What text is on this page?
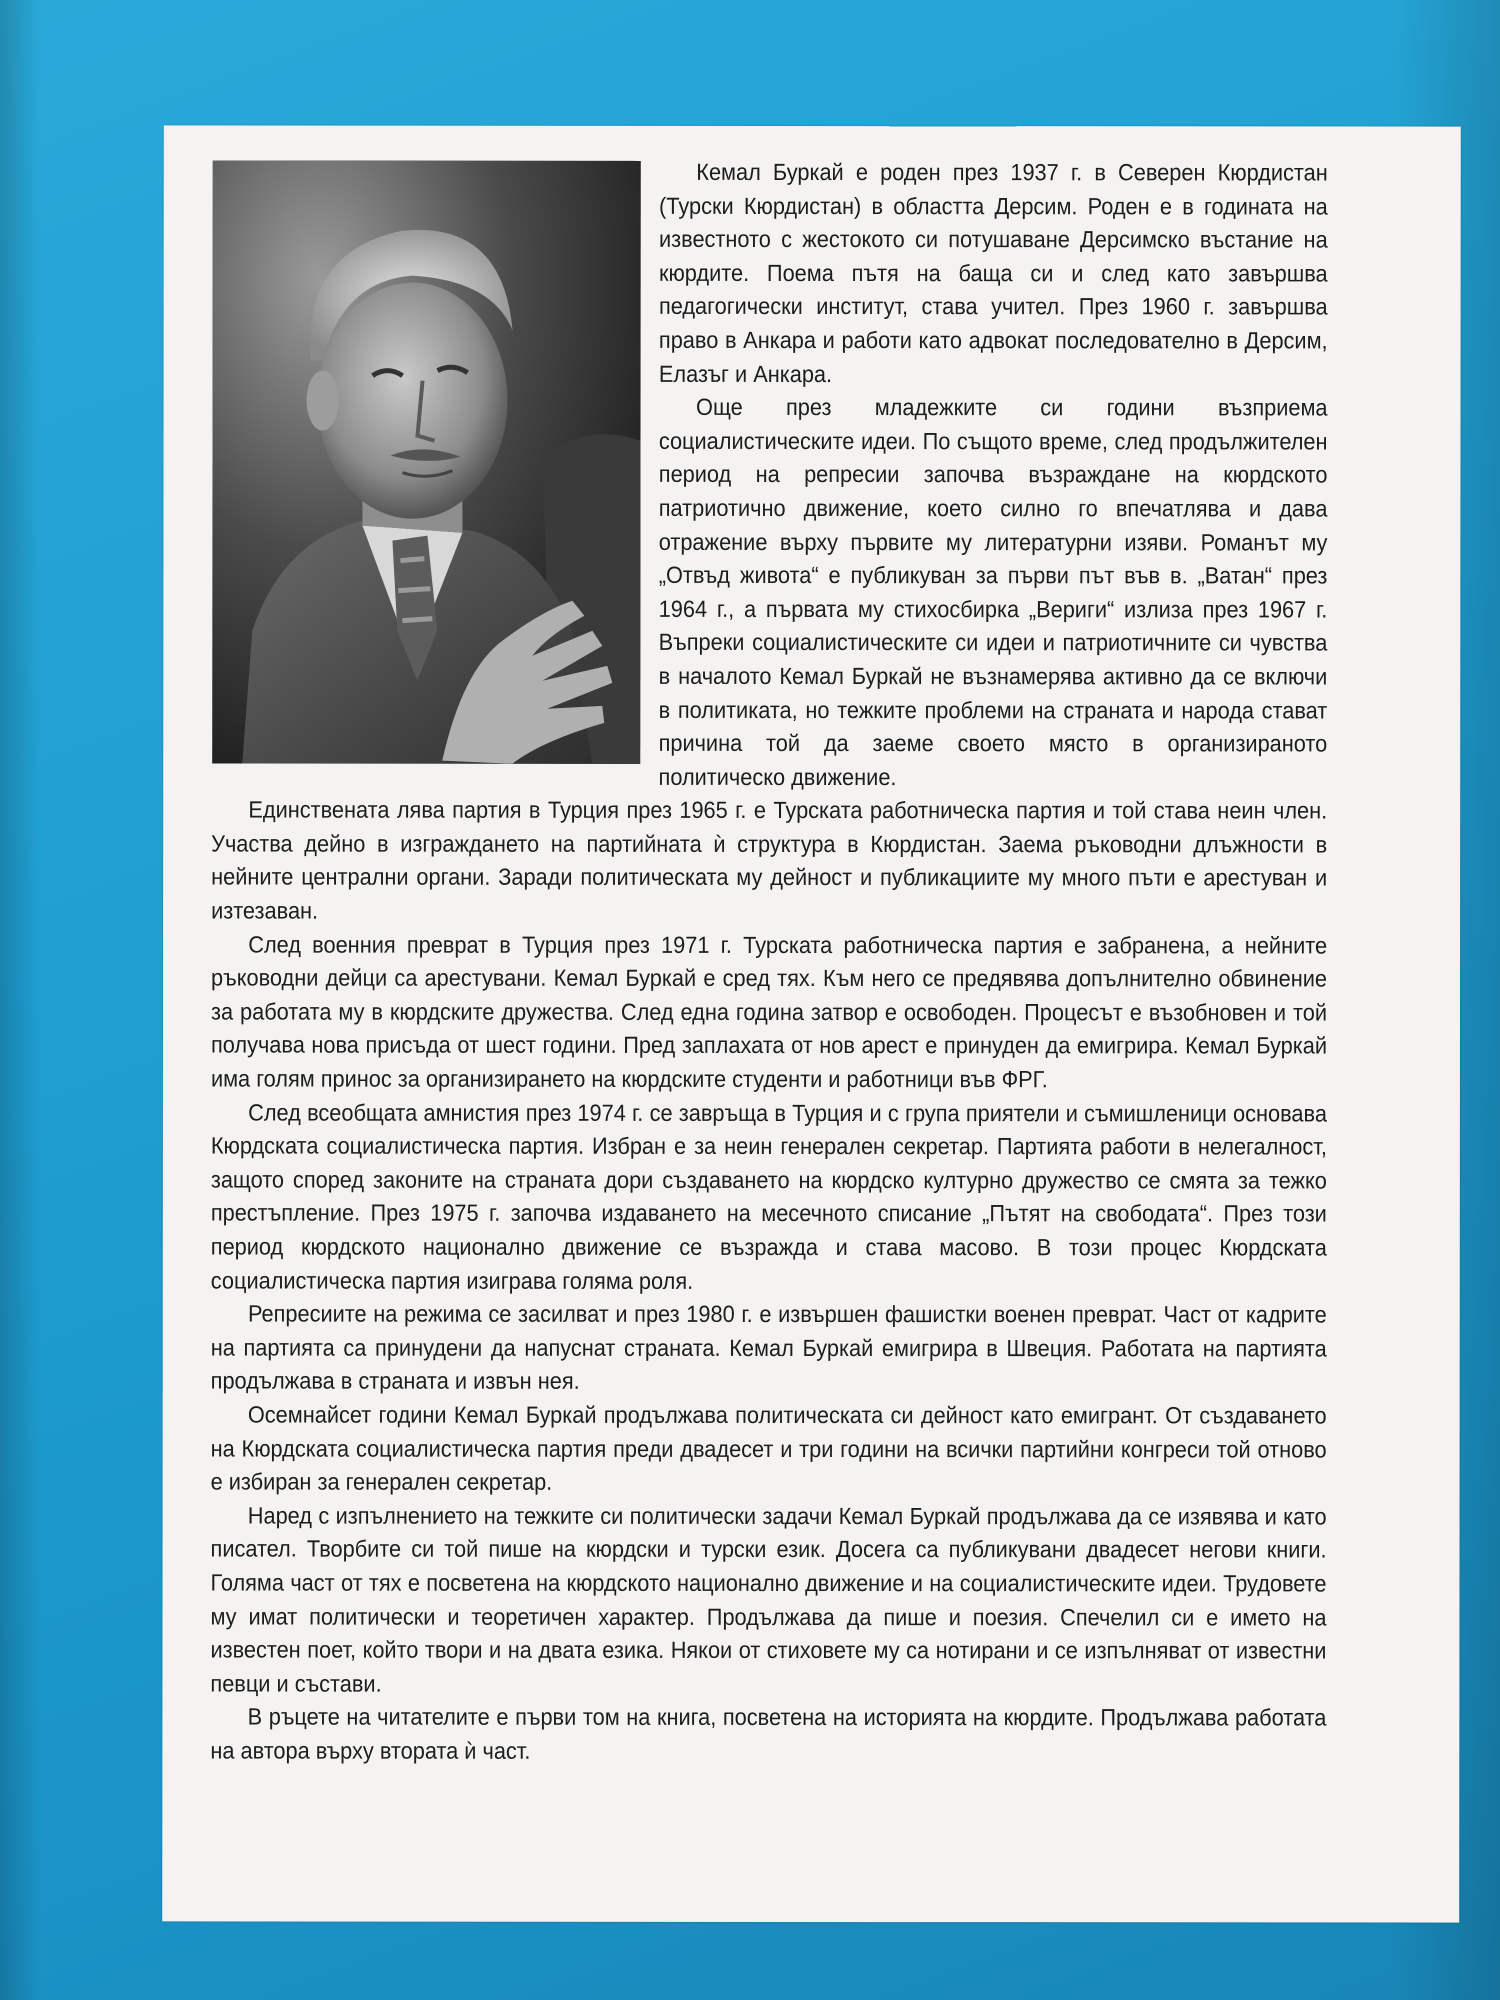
Кемал Буркай е роден през 1937 г. в Северен Кюрдистан (Турски Кюрдистан) в областта Дерсим. Роден е в годината на известното с жестокото си потушаване Дерсимско въстание на кюрдите. Поема пътя на баща си и след като завършва педагогически институт, става учител. През 1960 г. завършва право в Анкара и работи като адвокат последователно в Дерсим, Елазъг и Анкара.

Още през младежките си години възприема социалистическите идеи. По същото време, след продължителен период на репресии започва възраждане на кюрдското патриотично движение, което силно го впечатлява и дава отражение върху първите му литературни изяви. Романът му „Отвъд живота“ е публикуван за първи път във в. „Ватан“ през 1964 г., а първата му стихосбирка „Вериги“ излиза през 1967 г. Въпреки социалистическите си идеи и патриотичните си чувства в началото Кемал Буркай не възнамерява активно да се включи в политиката, но тежките проблеми на страната и народа стават причина той да заеме своето място в организираното политическо движение.

Единствената лява партия в Турция през 1965 г. е Турската работническа партия и той става неин член. Участва дейно в изграждането на партийната ѝ структура в Кюрдистан. Заема ръководни длъжности в нейните централни органи. Заради политическата му дейност и публикациите му много пъти е арестуван и изтезаван.

След военния преврат в Турция през 1971 г. Турската работническа партия е забранена, а нейните ръководни дейци са арестувани. Кемал Буркай е сред тях. Към него се предявява допълнително обвинение за работата му в кюрдските дружества. След една година затвор е освободен. Процесът е възобновен и той получава нова присъда от шест години. Пред заплахата от нов арест е принуден да емигрира. Кемал Буркай има голям принос за организирането на кюрдските студенти и работници във ФРГ.

След всеобщата амнистия през 1974 г. се завръща в Турция и с група приятели и съмишленици основава Кюрдската социалистическа партия. Избран е за неин генерален секретар. Партията работи в нелегалност, защото според законите на страната дори създаването на кюрдско културно дружество се смята за тежко престъпление. През 1975 г. започва издаването на месечното списание „Пътят на свободата“. През този период кюрдското национално движение се възражда и става масово. В този процес Кюрдската социалистическа партия изиграва голяма роля.

Репресиите на режима се засилват и през 1980 г. е извършен фашистки военен преврат. Част от кадрите на партията са принудени да напуснат страната. Кемал Буркай емигрира в Швеция. Работата на партията продължава в страната и извън нея.

Осемнайсет години Кемал Буркай продължава политическата си дейност като емигрант. От създаването на Кюрдската социалистическа партия преди двадесет и три години на всички партийни конгреси той отново е избиран за генерален секретар.

Наред с изпълнението на тежките си политически задачи Кемал Буркай продължава да се изявява и като писател. Творбите си той пише на кюрдски и турски език. Досега са публикувани двадесет негови книги. Голяма част от тях е посветена на кюрдското национално движение и на социалистическите идеи. Трудовете му имат политически и теоретичен характер. Продължава да пише и поезия. Спечелил си е името на известен поет, който твори и на двата езика. Някои от стиховете му са нотирани и се изпълняват от известни певци и състави.

В ръцете на читателите е първи том на книга, посветена на историята на кюрдите. Продължава работата на автора върху втората ѝ част.
